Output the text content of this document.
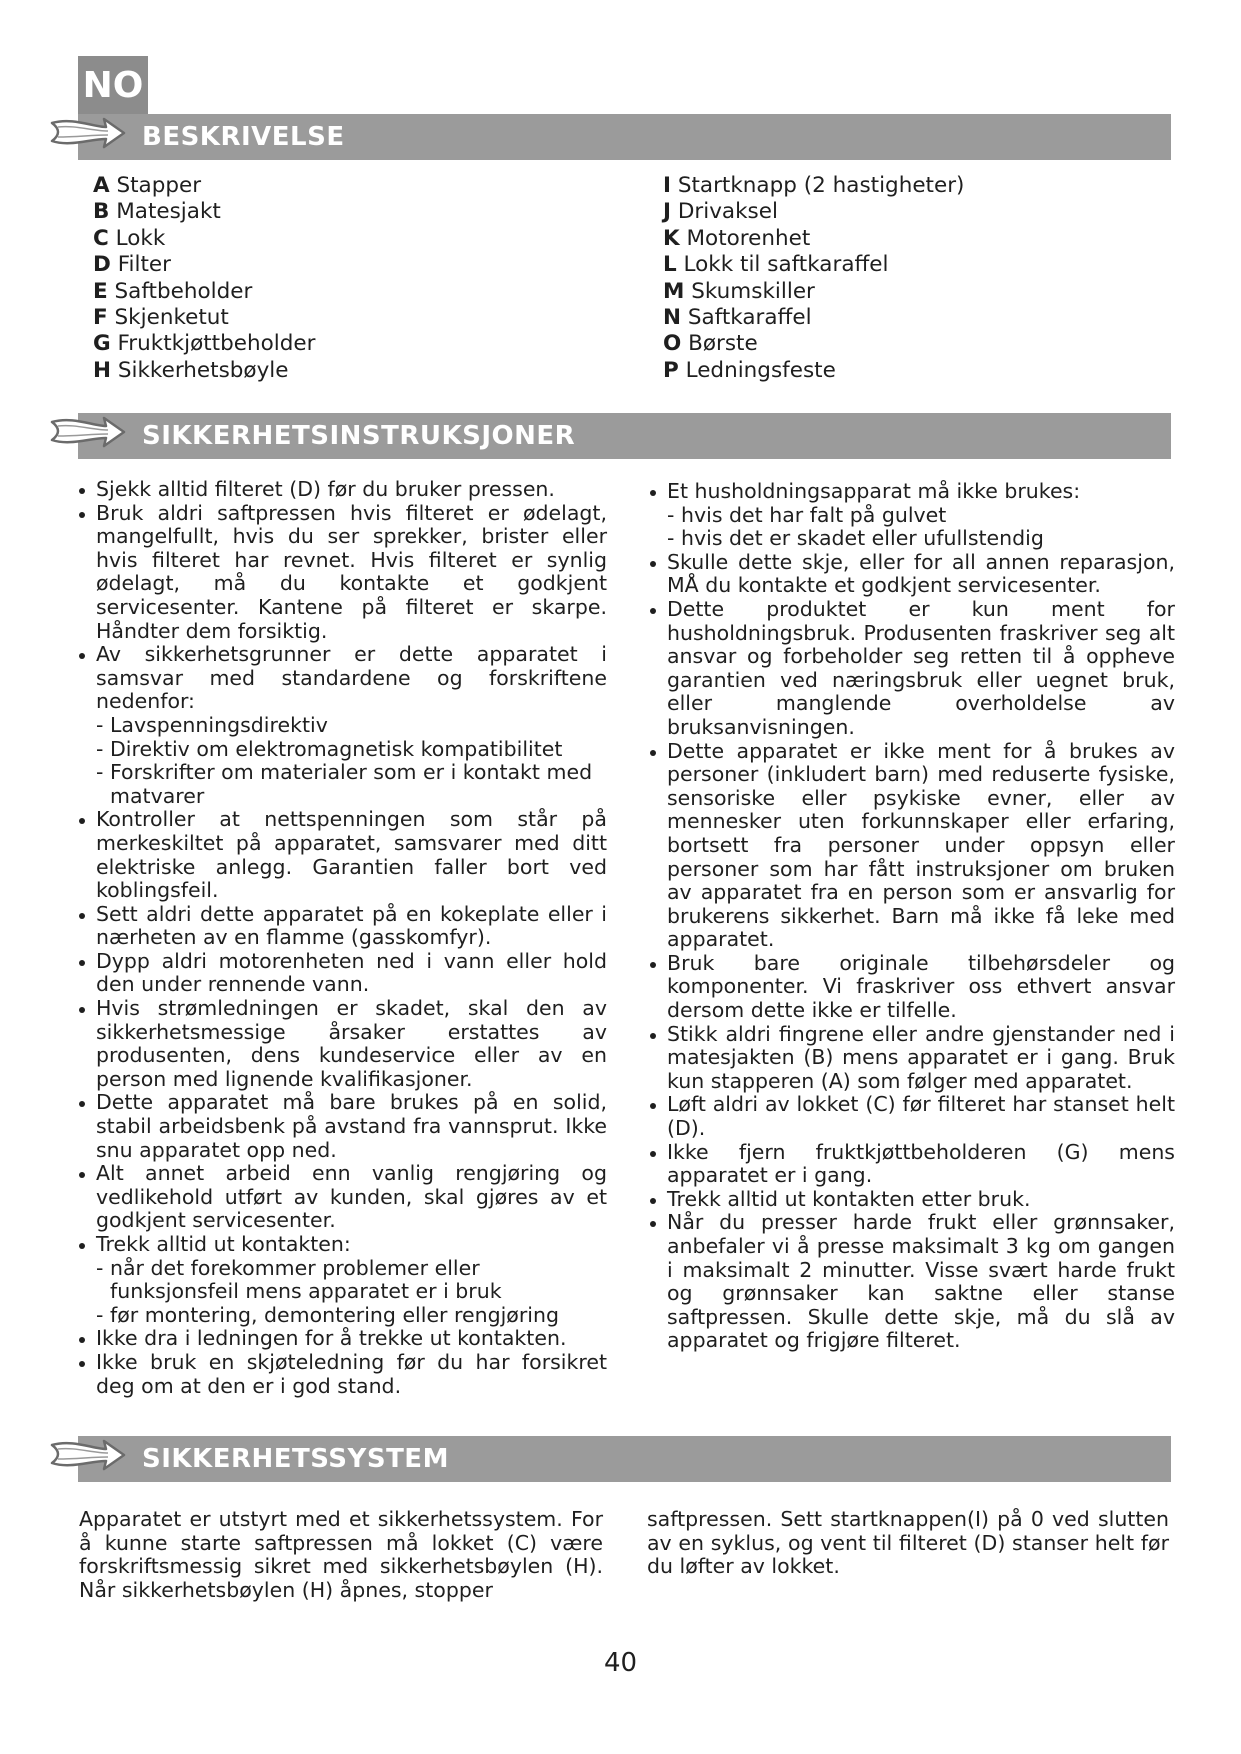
NO
BESKRIVELSE
A Stapper
B Matesjakt
C Lokk
D Filter
E Saftbeholder
F Skjenketut
G Fruktkjøttbeholder
H Sikkerhetsbøyle
I Startknapp (2 hastigheter)
J Drivaksel
K Motorenhet
L Lokk til saftkaraffel
M Skumskiller
N Saftkaraffel
O Børste
P Ledningsfeste
SIKKERHETSINSTRUKSJONER
Sjekk alltid filteret (D) før du bruker pressen.
Bruk aldri saftpressen hvis filteret er ødelagt, mangelfullt, hvis du ser sprekker, brister eller hvis filteret har revnet. Hvis filteret er synlig ødelagt, må du kontakte et godkjent servicesenter. Kantene på filteret er skarpe. Håndter dem forsiktig.
Av sikkerhetsgrunner er dette apparatet i samsvar med standardene og forskriftene nedenfor:
- Lavspenningsdirektiv
- Direktiv om elektromagnetisk kompatibilitet
- Forskrifter om materialer som er i kontakt med matvarer
Kontroller at nettspenningen som står på merkeskiltet på apparatet, samsvarer med ditt elektriske anlegg. Garantien faller bort ved koblingsfeil.
Sett aldri dette apparatet på en kokeplate eller i nærheten av en flamme (gasskomfyr).
Dypp aldri motorenheten ned i vann eller hold den under rennende vann.
Hvis strømledningen er skadet, skal den av sikkerhetsmessige årsaker erstattes av produsenten, dens kundeservice eller av en person med lignende kvalifikasjoner.
Dette apparatet må bare brukes på en solid, stabil arbeidsbenk på avstand fra vannsprut. Ikke snu apparatet opp ned.
Alt annet arbeid enn vanlig rengjøring og vedlikehold utført av kunden, skal gjøres av et godkjent servicesenter.
Trekk alltid ut kontakten:
- når det forekommer problemer eller funksjonsfeil mens apparatet er i bruk
- før montering, demontering eller rengjøring
Ikke dra i ledningen for å trekke ut kontakten.
Ikke bruk en skjøteledning før du har forsikret deg om at den er i god stand.
Et husholdningsapparat må ikke brukes:
- hvis det har falt på gulvet
- hvis det er skadet eller ufullstendig
Skulle dette skje, eller for all annen reparasjon, MÅ du kontakte et godkjent servicesenter.
Dette produktet er kun ment for husholdningsbruk. Produsenten fraskriver seg alt ansvar og forbeholder seg retten til å oppheve garantien ved næringsbruk eller uegnet bruk, eller manglende overholdelse av bruksanvisningen.
Dette apparatet er ikke ment for å brukes av personer (inkludert barn) med reduserte fysiske, sensoriske eller psykiske evner, eller av mennesker uten forkunnskaper eller erfaring, bortsett fra personer under oppsyn eller personer som har fått instruksjoner om bruken av apparatet fra en person som er ansvarlig for brukerens sikkerhet. Barn må ikke få leke med apparatet.
Bruk bare originale tilbehørsdeler og komponenter. Vi fraskriver oss ethvert ansvar dersom dette ikke er tilfelle.
Stikk aldri fingrene eller andre gjenstander ned i matesjakten (B) mens apparatet er i gang. Bruk kun stapperen (A) som følger med apparatet.
Løft aldri av lokket (C) før filteret har stanset helt (D).
Ikke fjern fruktkjøttbeholderen (G) mens apparatet er i gang.
Trekk alltid ut kontakten etter bruk.
Når du presser harde frukt eller grønnsaker, anbefaler vi å presse maksimalt 3 kg om gangen i maksimalt 2 minutter. Visse svært harde frukt og grønnsaker kan saktne eller stanse saftpressen. Skulle dette skje, må du slå av apparatet og frigjøre filteret.
SIKKERHETSSYSTEM

Apparatet er utstyrt med et sikkerhetssystem. For å kunne starte saftpressen må lokket (C) være forskriftsmessig sikret med sikkerhetsbøylen (H). Når sikkerhetsbøylen (H) åpnes, stopper

saftpressen. Sett startknappen(I) på 0 ved slutten av en syklus, og vent til filteret (D) stanser helt før du løfter av lokket.

40
